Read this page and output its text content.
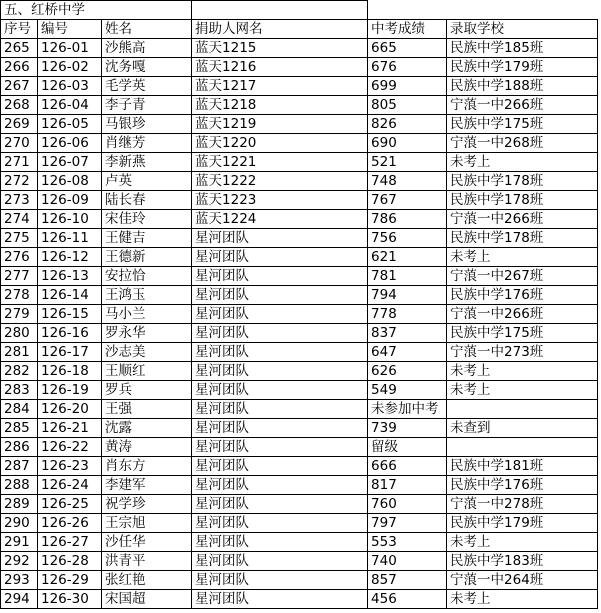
五、红桥中学					
序号	编号	姓名	捐助人网名	中考成绩	录取学校
265	126-01	沙熊高	蓝天1215	665	民族中学185班
266	126-02	沈务嘎	蓝天1216	676	民族中学179班
267	126-03	毛学英	蓝天1217	699	民族中学188班
268	126-04	李子青	蓝天1218	805	宁蒗一中266班
269	126-05	马银珍	蓝天1219	826	民族中学175班
270	126-06	肖继芳	蓝天1220	690	宁蒗一中268班
271	126-07	李新燕	蓝天1221	521	未考上
272	126-08	卢英	蓝天1222	748	民族中学178班
273	126-09	陆长春	蓝天1223	767	民族中学178班
274	126-10	宋佳玲	蓝天1224	786	宁蒗一中266班
275	126-11	王健吉	星河团队	756	民族中学178班
276	126-12	王德新	星河团队	621	未考上
277	126-13	安拉恰	星河团队	781	宁蒗一中267班
278	126-14	王鸿玉	星河团队	794	民族中学176班
279	126-15	马小兰	星河团队	778	宁蒗一中266班
280	126-16	罗永华	星河团队	837	民族中学175班
281	126-17	沙志美	星河团队	647	宁蒗一中273班
282	126-18	王顺红	星河团队	626	未考上
283	126-19	罗兵	星河团队	549	未考上
284	126-20	王强	星河团队	未参加中考	
285	126-21	沈露	星河团队	739	未查到
286	126-22	黄涛	星河团队	留级	
287	126-23	肖东方	星河团队	666	民族中学181班
288	126-24	李建军	星河团队	817	民族中学176班
289	126-25	祝学珍	星河团队	760	宁蒗一中278班
290	126-26	王宗旭	星河团队	797	民族中学179班
291	126-27	沙任华	星河团队	553	未考上
292	126-28	洪青平	星河团队	740	民族中学183班
293	126-29	张红艳	星河团队	857	宁蒗一中264班
294	126-30	宋国超	星河团队	456	未考上
